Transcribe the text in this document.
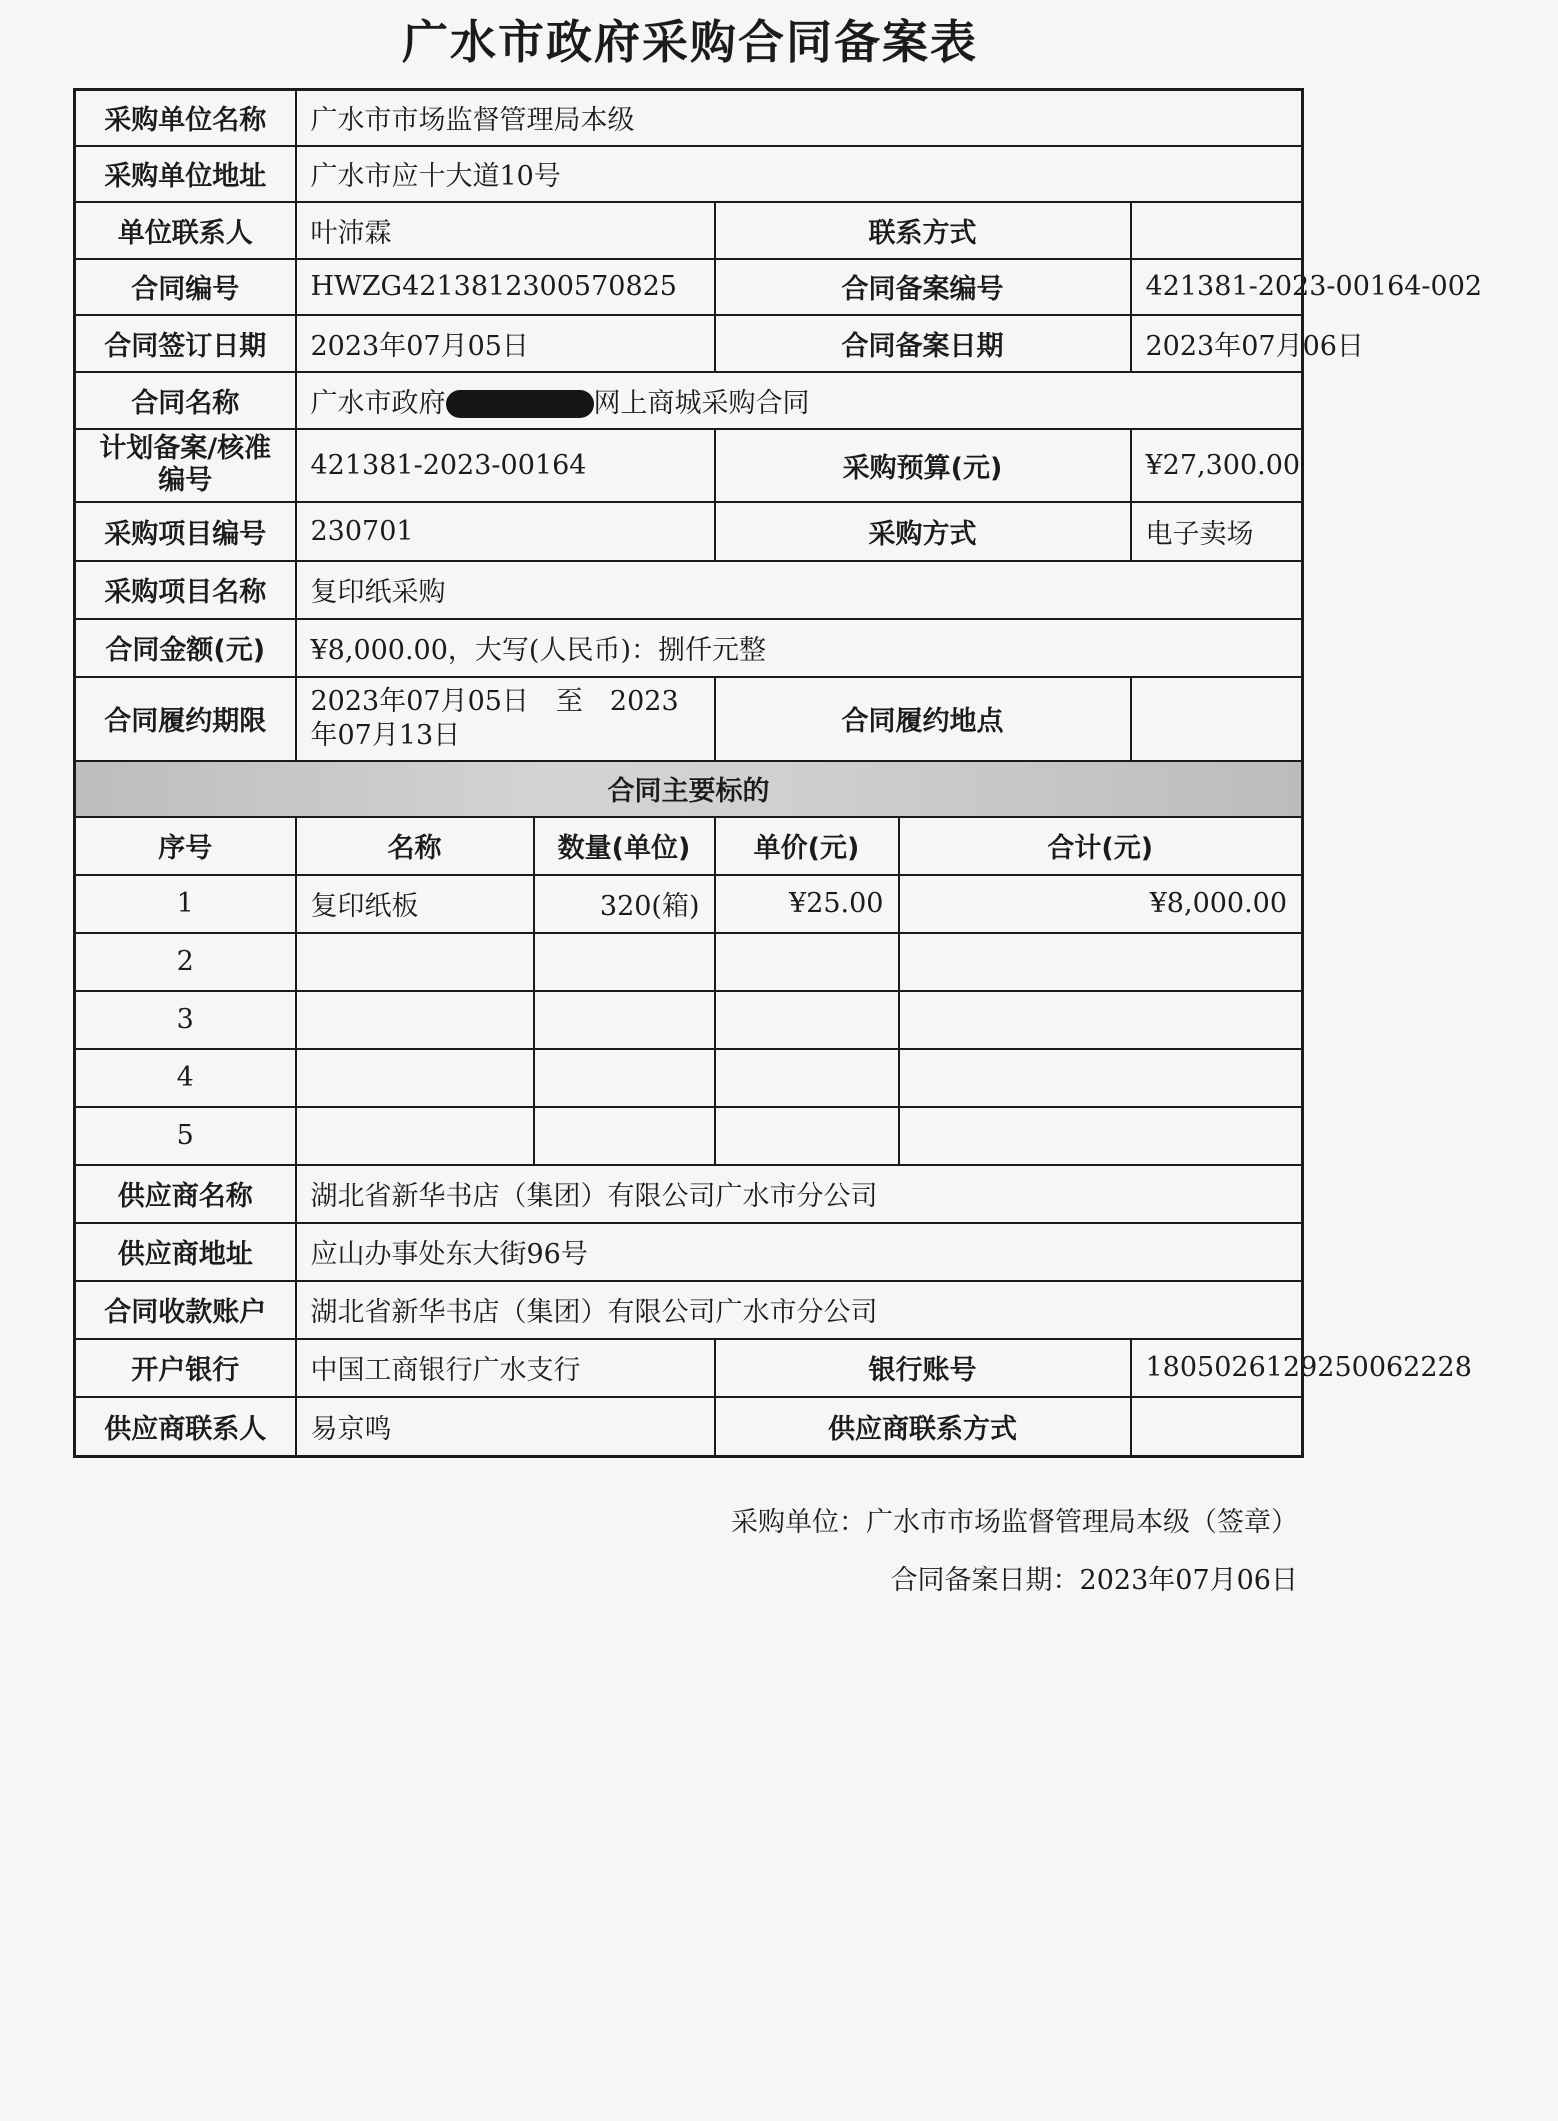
广水市政府采购合同备案表
采购单位名称	广水市市场监督管理局本级				
采购单位地址	广水市应十大道10号				
单位联系人	叶沛霖		联系方式		
合同编号	HWZG4213812300570825		合同备案编号		421381-2023-00164-002
合同签订日期	2023年07月05日		合同备案日期		2023年07月06日
合同名称	广水市政府 网上商城采购合同				
计划备案/核准编号	421381-2023-00164		采购预算(元)		¥27,300.00
采购项目编号	230701		采购方式		电子卖场
采购项目名称	复印纸采购				
合同金额(元)	¥8,000.00，大写(人民币)：捌仟元整				
合同履约期限	2023年07月05日　至　2023年07月13日		合同履约地点		
合同主要标的					
序号	名称	数量(单位)	单价(元)	合计(元)	
1	复印纸板	320(箱)	¥25.00	¥8,000.00	
2					
3					
4					
5					
供应商名称	湖北省新华书店（集团）有限公司广水市分公司				
供应商地址	应山办事处东大街96号				
合同收款账户	湖北省新华书店（集团）有限公司广水市分公司				
开户银行	中国工商银行广水支行		银行账号		1805026129250062228
供应商联系人	易京鸣		供应商联系方式		
采购单位：广水市市场监督管理局本级（签章）
合同备案日期：2023年07月06日
